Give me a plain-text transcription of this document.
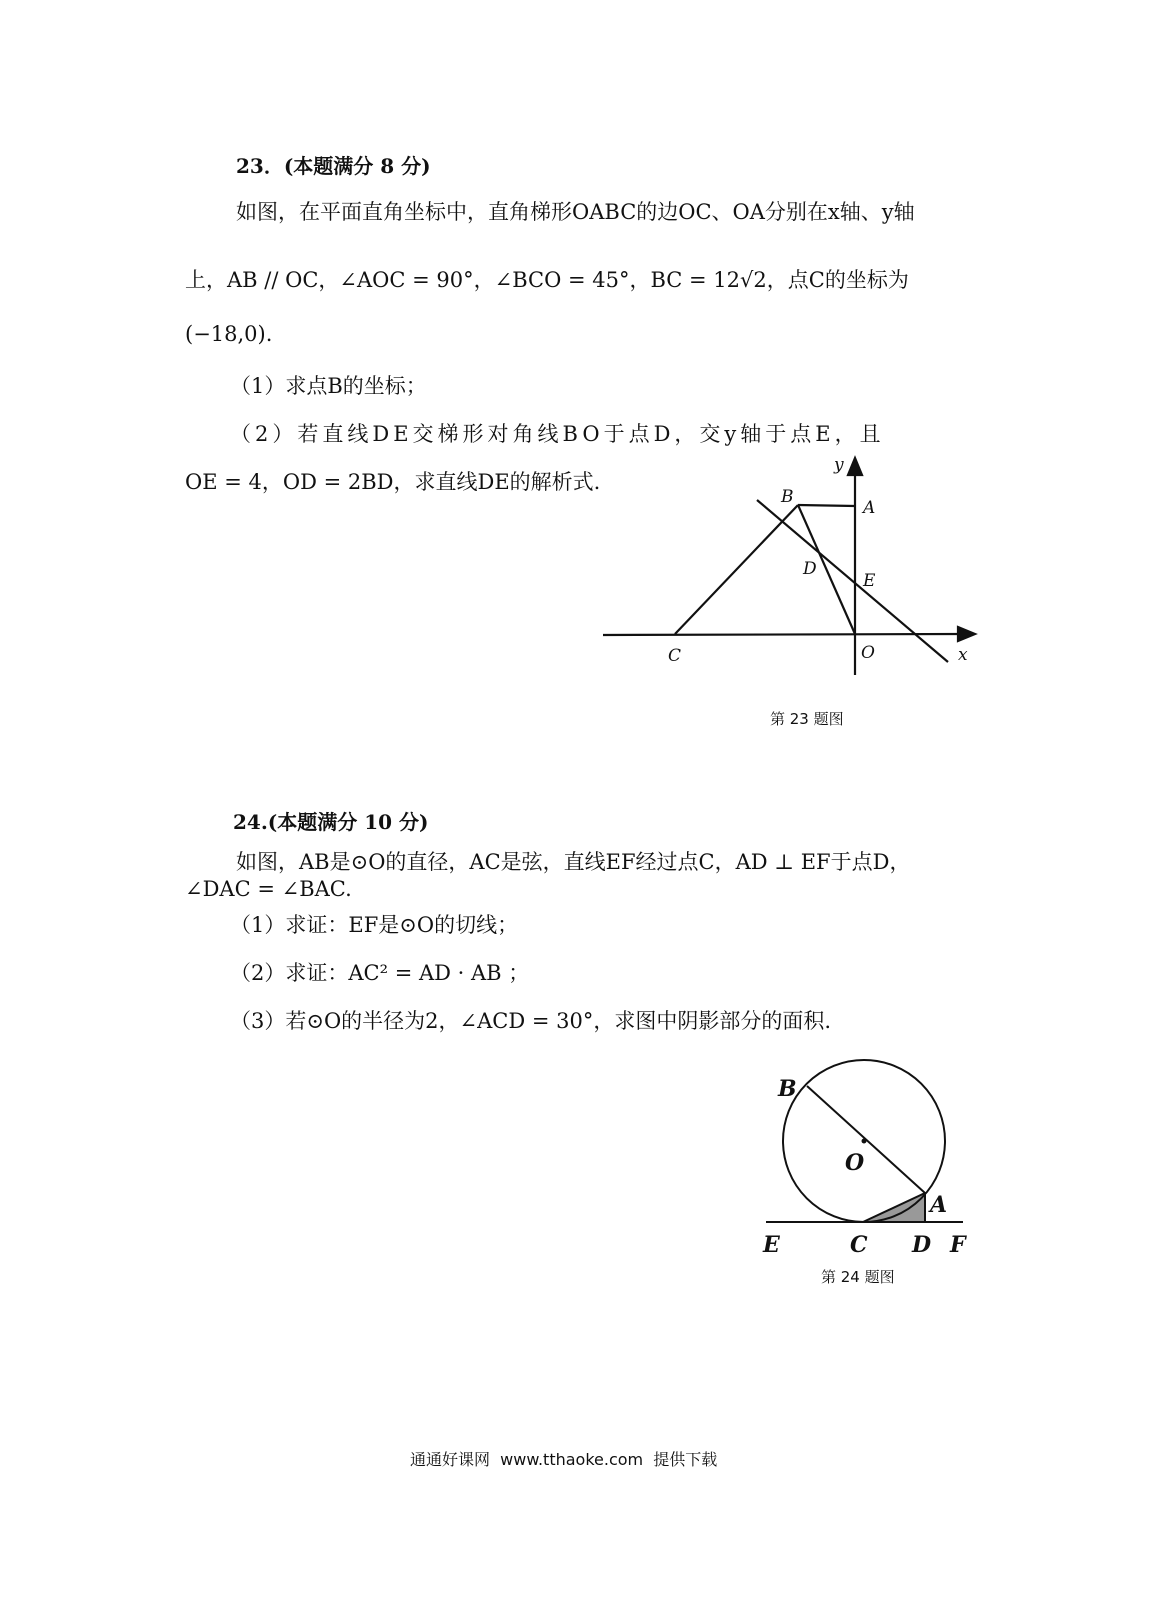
23．(本题满分 8 分)
如图，在平面直角坐标中，直角梯形OABC的边OC、OA分别在x轴、y轴
上，AB // OC，∠AOC = 90°，∠BCO = 45°，BC = 12√2，点C的坐标为
(−18,0).
（1）求点B的坐标；
（2）若直线DE交梯形对角线BO于点D，交y轴于点E，且
OE = 4，OD = 2BD，求直线DE的解析式.
y
x
B
A
D
E
C	O
第 23 题图
24.(本题满分 10 分)
如图，AB是⊙O的直径，AC是弦，直线EF经过点C，AD ⊥ EF于点D，
∠DAC = ∠BAC.
（1）求证：EF是⊙O的切线；
（2）求证：AC² = AD · AB ；
（3）若⊙O的半径为2，∠ACD = 30°，求图中阴影部分的面积.
B
O
A
E	C D F
第 24 题图
通通好课网  www.tthaoke.com  提供下载
